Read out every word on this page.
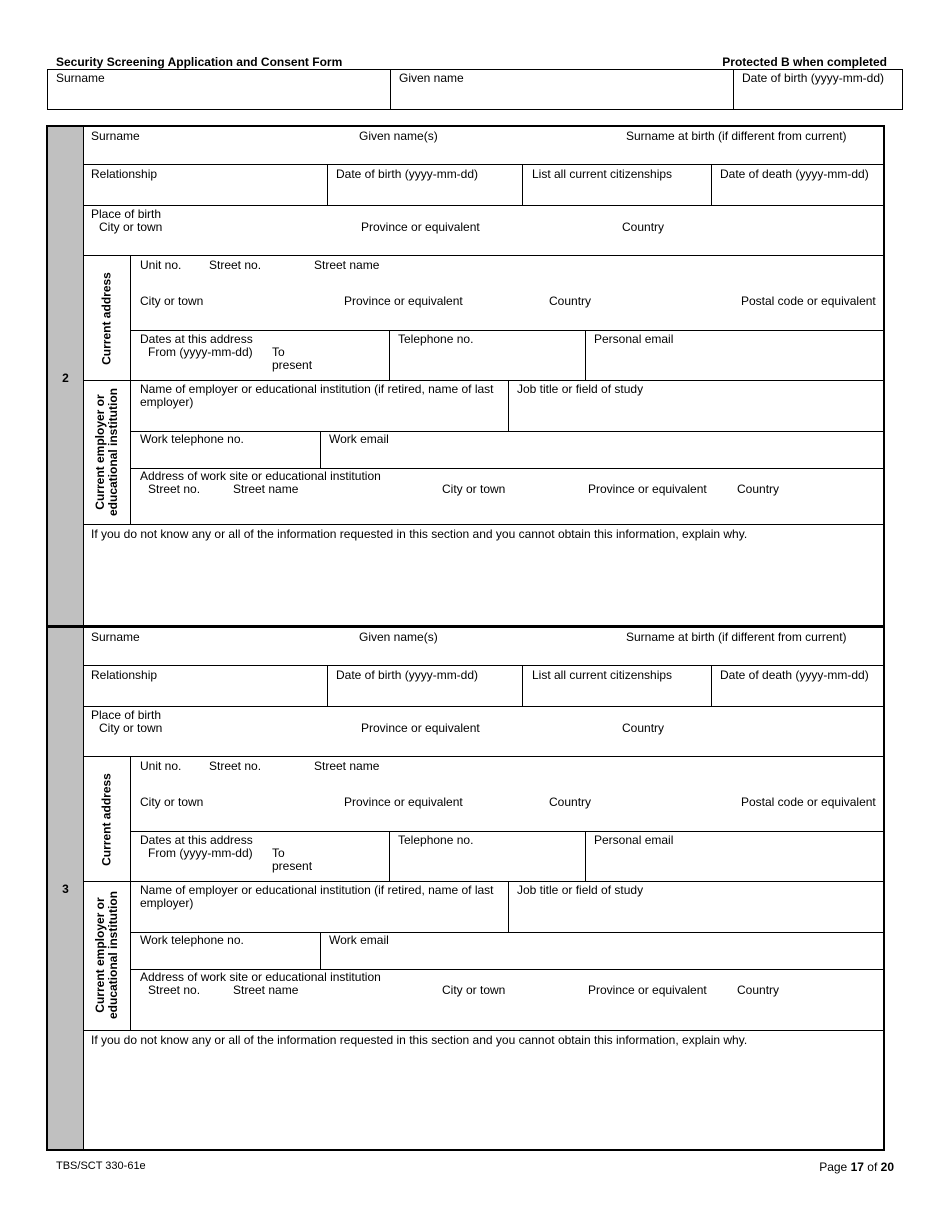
Security Screening Application and Consent Form	Protected B when completed
Surname	Given name	Date of birth (yyyy-mm-dd)
2
Surname	Given name(s)	Surname at birth (if different from current)
Relationship	Date of birth (yyyy-mm-dd)	List all current citizenships	Date of death (yyyy-mm-dd)
Place of birth
City or town	Province or equivalent	Country
Current address
Unit no. Street no.	Street name
City or town	Province or equivalent	Country	Postal code or equivalent
Dates at this address
From (yyyy-mm-dd) To
present
Telephone no.	Personal email
Current employer or educational institution Name of employer or educational institution (if retired, name of last
employer)
Job title or field of study
Work telephone no.	Work email
Address of work site or educational institution
Street no.	Street name	City or town	Province or equivalent	Country
If you do not know any or all of the information requested in this section and you cannot obtain this information, explain why.
3
Surname	Given name(s)	Surname at birth (if different from current)
Relationship	Date of birth (yyyy-mm-dd)	List all current citizenships	Date of death (yyyy-mm-dd)
Place of birth
City or town	Province or equivalent	Country
Current address
Unit no. Street no.	Street name
City or town	Province or equivalent	Country	Postal code or equivalent
Dates at this address
From (yyyy-mm-dd) To
present
Telephone no.	Personal email
Current employer or educational institution
Name of employer or educational institution (if retired, name of last
employer)
Job title or field of study
Work telephone no.	Work email
Address of work site or educational institution
Street no.	Street name	City or town	Province or equivalent	Country
If you do not know any or all of the information requested in this section and you cannot obtain this information, explain why.
TBS/SCT 330-61e	Page 17 of 20
